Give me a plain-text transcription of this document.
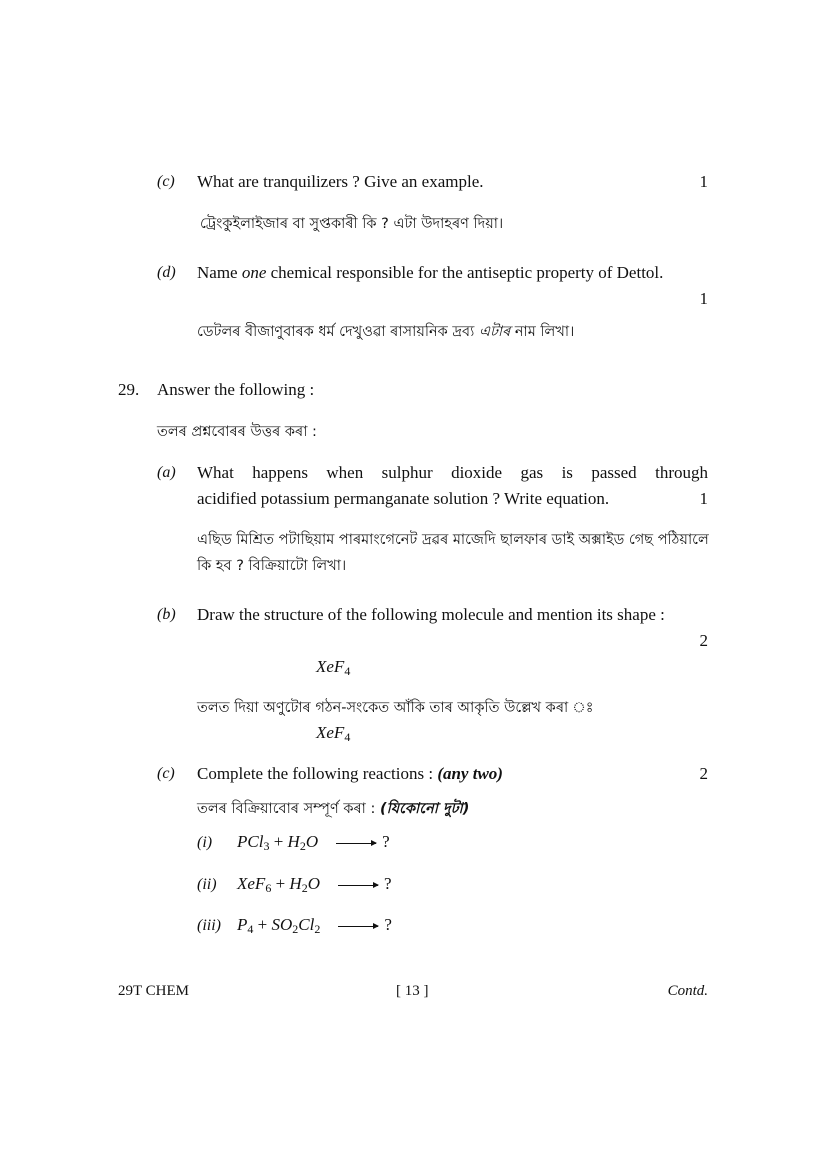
(c) What are tranquilizers ? Give an example.	1
ট্ৰেংকুইলাইজাৰ বা সুপ্তকাৰী কি ? এটা উদাহৰণ দিয়া।
(d) Name one chemical responsible for the antiseptic property of Dettol.
1
ডেটলৰ বীজাণুবাৰক ধৰ্ম দেখুওৱা ৰাসায়নিক দ্ৰব্য এটাৰ নাম লিখা।
29. Answer the following :
তলৰ প্ৰশ্নবোৰৰ উত্তৰ কৰা :
(a) What happens when sulphur dioxide gas is passed through
acidified potassium permanganate solution ? Write equation.	1
এছিড মিশ্ৰিত পটাছিয়াম পাৰমাংগেনেট দ্ৰৱৰ মাজেদি ছালফাৰ ডাই অক্সাইড গেছ পঠিয়ালে
কি হব ? বিক্ৰিয়াটো লিখা।
(b) Draw the structure of the following molecule and mention its shape :
2
XeF$_4$
তলত দিয়া অণুটোৰ গঠন-সংকেত আঁকি তাৰ আকৃতি উল্লেখ কৰা ঃ
XeF$_4$
(c) Complete the following reactions : (any two)	2
তলৰ বিক্ৰিয়াবোৰ সম্পূৰ্ণ কৰা : (যিকোনো দুটা)
(i) $PCl_3 + H_2O$ → ?
(ii) $XeF_6 + H_2O$ → ?
(iii) $P_4 + SO_2Cl_2$ → ?
29T CHEM	[ 13 ]	Contd.
